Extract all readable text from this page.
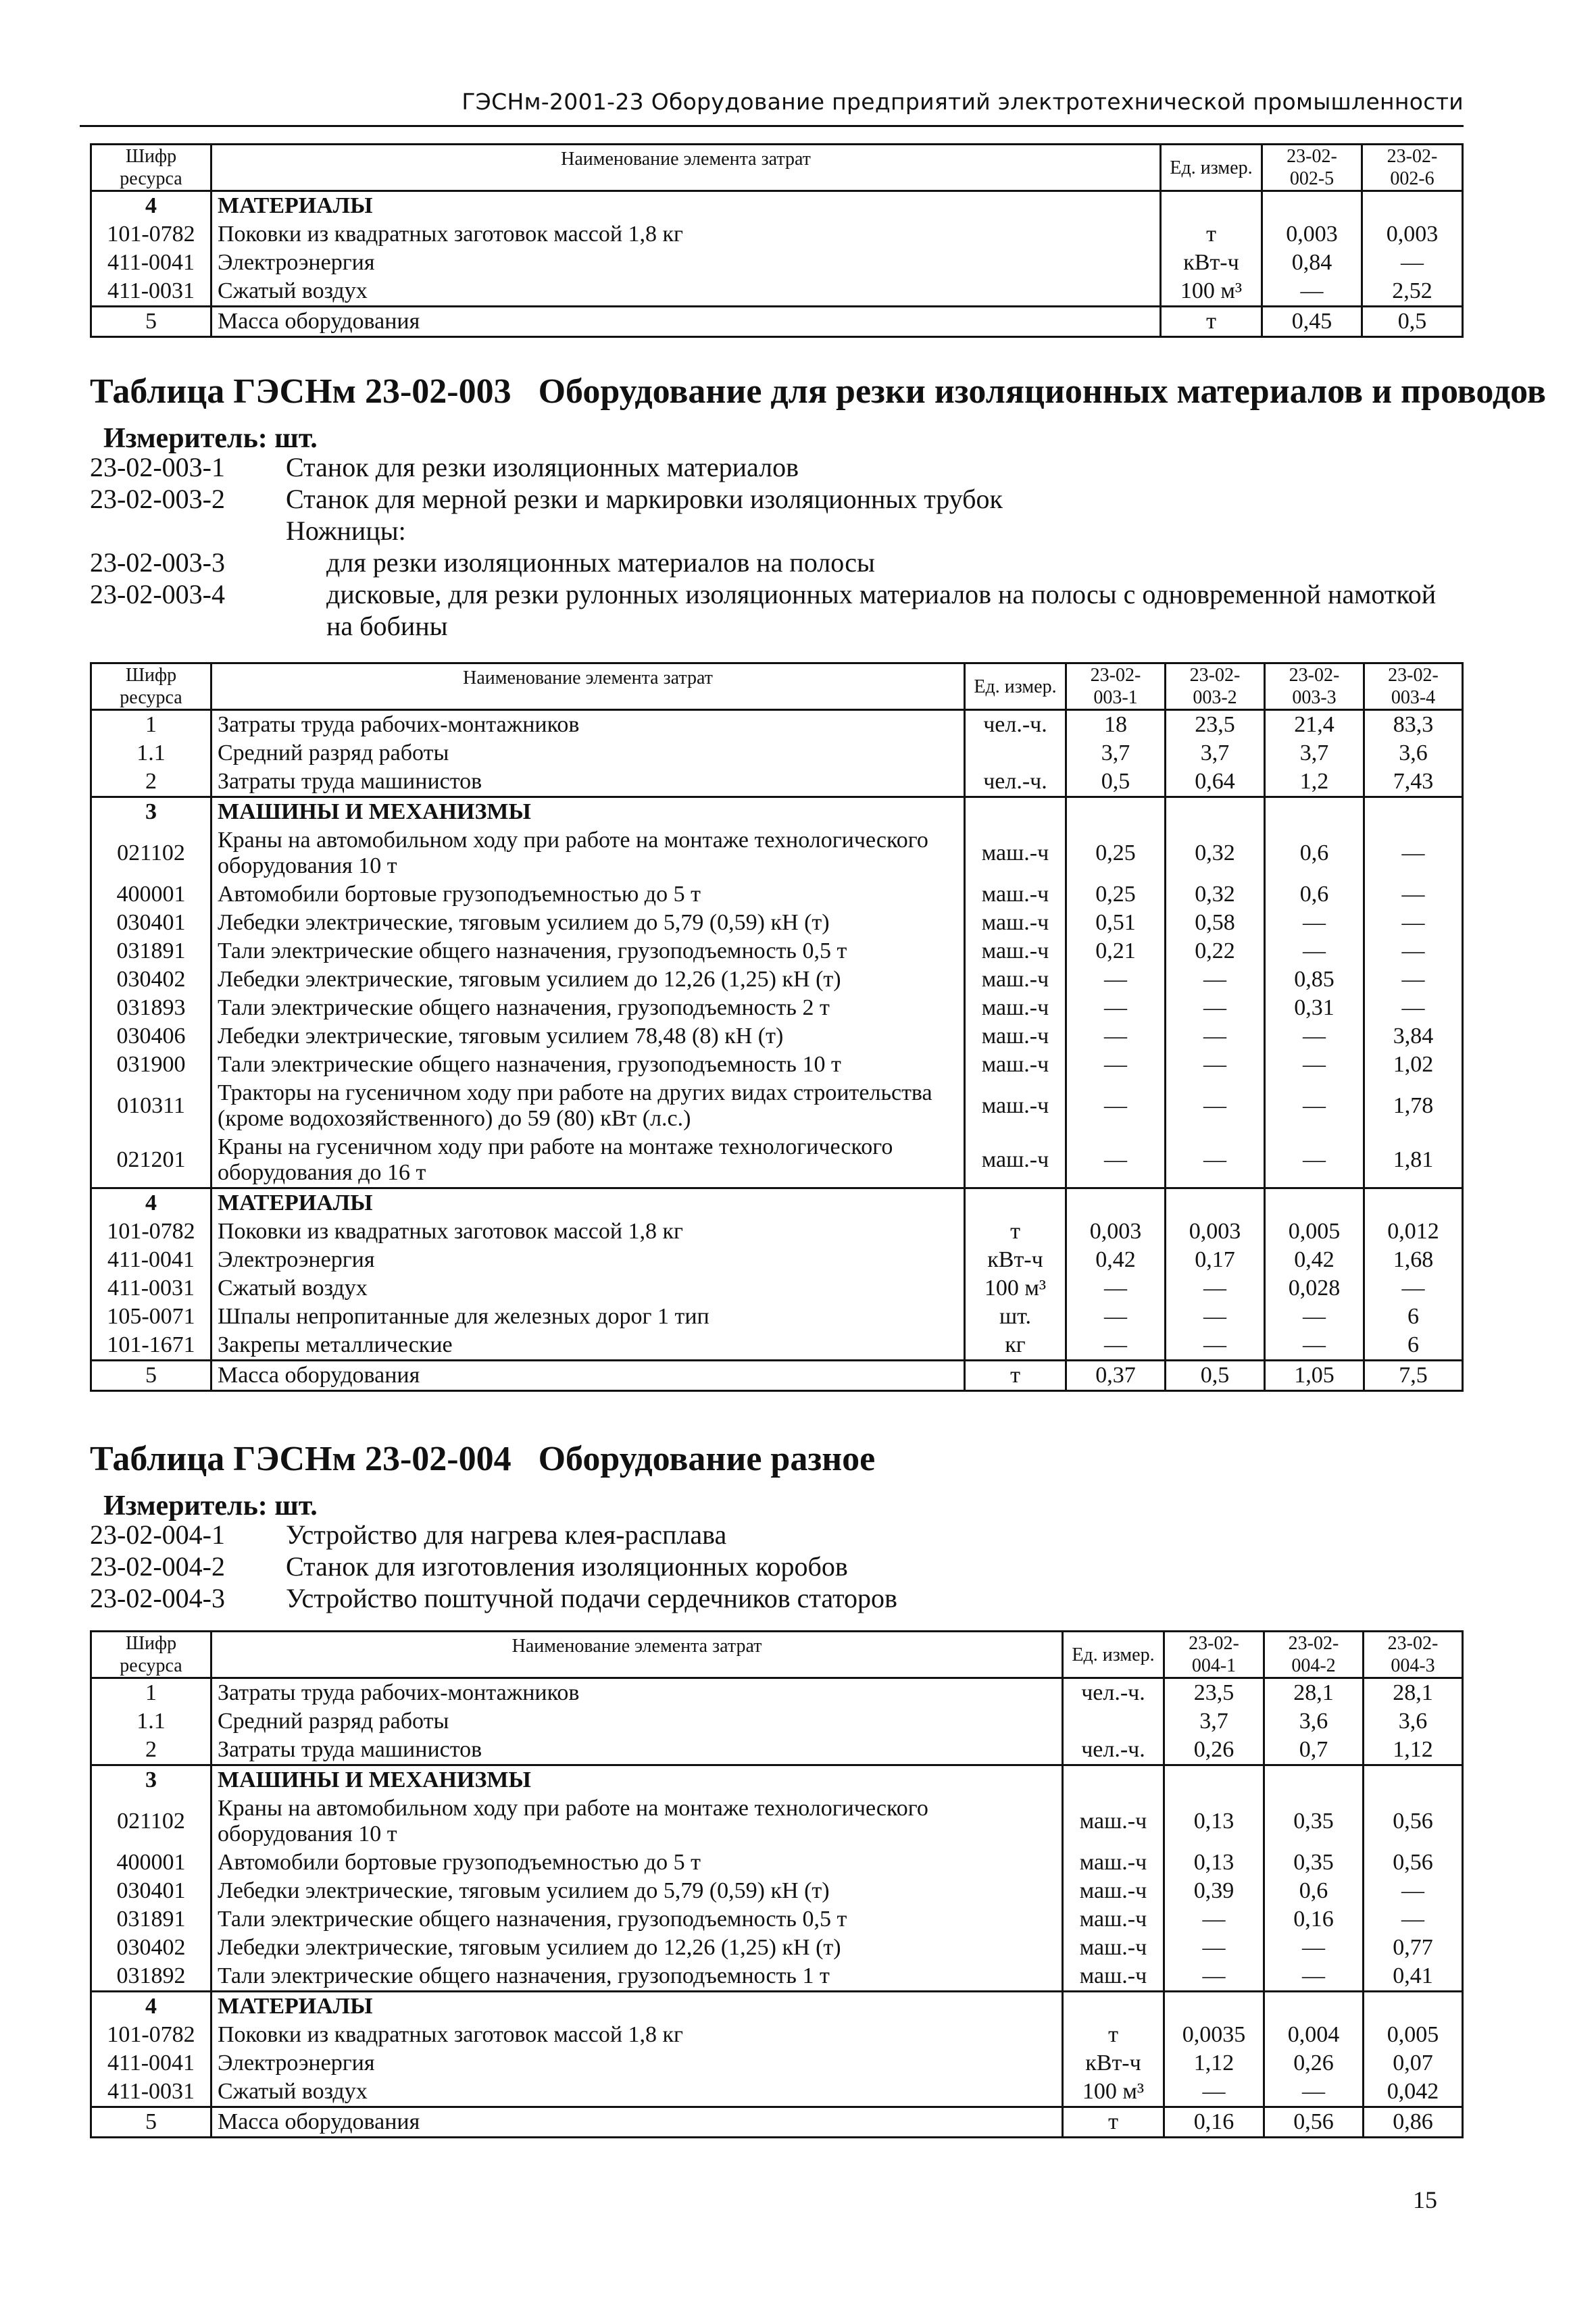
ГЭСНм-2001-23 Оборудование предприятий электротехнической промышленности
Шифр ресурса	Наименование элемента затрат	Ед. измер.	23-02- 002-5	23-02- 002-6
4	МАТЕРИАЛЫ			
101-0782	Поковки из квадратных заготовок массой 1,8 кг	т	0,003	0,003
411-0041	Электроэнергия	кВт-ч	0,84	—
411-0031	Сжатый воздух	100 м³	—	2,52
5	Масса оборудования	т	0,45	0,5
Таблица ГЭСНм 23-02-003 Оборудование для резки изоляционных материалов и проводов
Измеритель: шт.
23-02-003-1	Станок для резки изоляционных материалов
23-02-003-2	Станок для мерной резки и маркировки изоляционных трубок
Ножницы:
23-02-003-3	для резки изоляционных материалов на полосы
23-02-003-4	дисковые, для резки рулонных изоляционных материалов на полосы с одновременной намоткой на бобины
Шифр ресурса	Наименование элемента затрат	Ед. измер.	23-02- 003-1	23-02- 003-2	23-02- 003-3	23-02- 003-4
1	Затраты труда рабочих-монтажников	чел.-ч.	18	23,5	21,4	83,3
1.1	Средний разряд работы		3,7	3,7	3,7	3,6
2	Затраты труда машинистов	чел.-ч.	0,5	0,64	1,2	7,43
3	МАШИНЫ И МЕХАНИЗМЫ					
021102	Краны на автомобильном ходу при работе на монтаже технологического оборудования 10 т	маш.-ч	0,25	0,32	0,6	—
400001	Автомобили бортовые грузоподъемностью до 5 т	маш.-ч	0,25	0,32	0,6	—
030401	Лебедки электрические, тяговым усилием до 5,79 (0,59) кН (т)	маш.-ч	0,51	0,58	—	—
031891	Тали электрические общего назначения, грузоподъемность 0,5 т	маш.-ч	0,21	0,22	—	—
030402	Лебедки электрические, тяговым усилием до 12,26 (1,25) кН (т)	маш.-ч	—	—	0,85	—
031893	Тали электрические общего назначения, грузоподъемность 2 т	маш.-ч	—	—	0,31	—
030406	Лебедки электрические, тяговым усилием 78,48 (8) кН (т)	маш.-ч	—	—	—	3,84
031900	Тали электрические общего назначения, грузоподъемность 10 т	маш.-ч	—	—	—	1,02
010311	Тракторы на гусеничном ходу при работе на других видах строительства (кроме водохозяйственного) до 59 (80) кВт (л.с.)	маш.-ч	—	—	—	1,78
021201	Краны на гусеничном ходу при работе на монтаже технологического оборудования до 16 т	маш.-ч	—	—	—	1,81
4	МАТЕРИАЛЫ					
101-0782	Поковки из квадратных заготовок массой 1,8 кг	т	0,003	0,003	0,005	0,012
411-0041	Электроэнергия	кВт-ч	0,42	0,17	0,42	1,68
411-0031	Сжатый воздух	100 м³	—	—	0,028	—
105-0071	Шпалы непропитанные для железных дорог 1 тип	шт.	—	—	—	6
101-1671	Закрепы металлические	кг	—	—	—	6
5	Масса оборудования	т	0,37	0,5	1,05	7,5
Таблица ГЭСНм 23-02-004 Оборудование разное
Измеритель: шт.
23-02-004-1	Устройство для нагрева клея-расплава
23-02-004-2	Станок для изготовления изоляционных коробов
23-02-004-3	Устройство поштучной подачи сердечников статоров
Шифр ресурса	Наименование элемента затрат	Ед. измер.	23-02- 004-1	23-02- 004-2	23-02- 004-3
1	Затраты труда рабочих-монтажников	чел.-ч.	23,5	28,1	28,1
1.1	Средний разряд работы		3,7	3,6	3,6
2	Затраты труда машинистов	чел.-ч.	0,26	0,7	1,12
3	МАШИНЫ И МЕХАНИЗМЫ				
021102	Краны на автомобильном ходу при работе на монтаже технологического оборудования 10 т	маш.-ч	0,13	0,35	0,56
400001	Автомобили бортовые грузоподъемностью до 5 т	маш.-ч	0,13	0,35	0,56
030401	Лебедки электрические, тяговым усилием до 5,79 (0,59) кН (т)	маш.-ч	0,39	0,6	—
031891	Тали электрические общего назначения, грузоподъемность 0,5 т	маш.-ч	—	0,16	—
030402	Лебедки электрические, тяговым усилием до 12,26 (1,25) кН (т)	маш.-ч	—	—	0,77
031892	Тали электрические общего назначения, грузоподъемность 1 т	маш.-ч	—	—	0,41
4	МАТЕРИАЛЫ				
101-0782	Поковки из квадратных заготовок массой 1,8 кг	т	0,0035	0,004	0,005
411-0041	Электроэнергия	кВт-ч	1,12	0,26	0,07
411-0031	Сжатый воздух	100 м³	—	—	0,042
5	Масса оборудования	т	0,16	0,56	0,86
15
